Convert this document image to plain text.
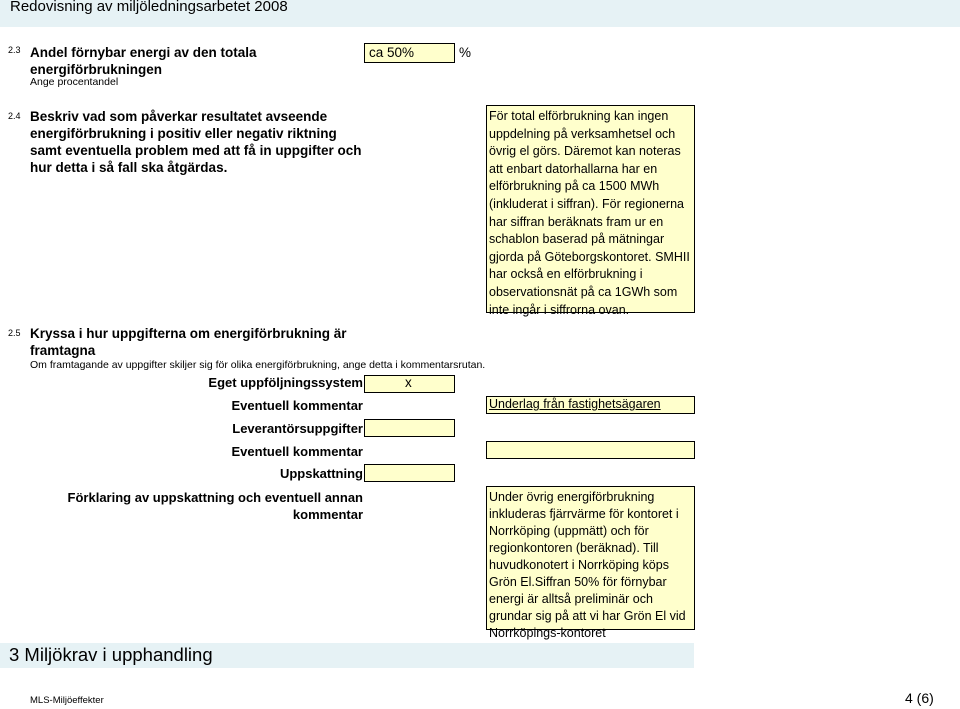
Redovisning av miljöledningsarbetet 2008
2.3 Andel förnybar energi av den totala energiförbrukningen
Ange procentandel
ca 50%	%
2.4 Beskriv vad som påverkar resultatet avseende energiförbrukning i positiv eller negativ riktning samt eventuella problem med att få in uppgifter och hur detta i så fall ska åtgärdas.
För total elförbrukning kan ingen uppdelning på verksamhetsel och övrig el görs. Däremot kan noteras att enbart datorhallarna har en elförbrukning på ca 1500 MWh (inkluderat i siffran). För regionerna har siffran beräknats fram ur en schablon baserad på mätningar gjorda på Göteborgskontoret. SMHII har också en elförbrukning i observationsnät på ca 1GWh som inte ingår i siffrorna ovan.
2.5 Kryssa i hur uppgifterna om energiförbrukning är framtagna
Om framtagande av uppgifter skiljer sig för olika energiförbrukning, ange detta i kommentarsrutan.
Eget uppföljningssystem	x
Eventuell kommentar	Underlag från fastighetsägaren
Leverantörsuppgifter
Eventuell kommentar
Uppskattning
Förklaring av uppskattning och eventuell annan kommentar
Under övrig energiförbrukning inkluderas fjärrvärme för kontoret i Norrköping (uppmätt) och för regionkontoren (beräknad). Till huvudkonotert i Norrköping köps Grön El.Siffran 50% för förnybar energi är alltså preliminär och grundar sig på att vi har Grön El vid Norrköpings-kontoret
3 Miljökrav i upphandling
MLS-Miljöeffekter	4 (6)
